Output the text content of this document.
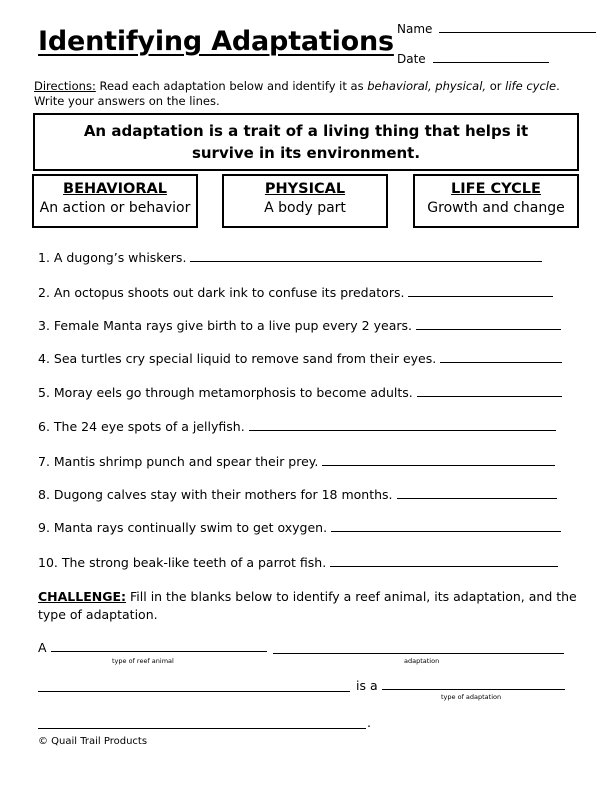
Identifying Adaptations Name
Date
Directions: Read each adaptation below and identify it as behavioral, physical, or life cycle. Write your answers on the lines.
An adaptation is a trait of a living thing that helps it survive in its environment.
BEHAVIORAL
An action or behavior
PHYSICAL
A body part
LIFE CYCLE
Growth and change
1. A dugong’s whiskers.
2. An octopus shoots out dark ink to confuse its predators.
3. Female Manta rays give birth to a live pup every 2 years.
4. Sea turtles cry special liquid to remove sand from their eyes.
5. Moray eels go through metamorphosis to become adults.
6. The 24 eye spots of a jellyfish.
7. Mantis shrimp punch and spear their prey.
8. Dugong calves stay with their mothers for 18 months.
9. Manta rays continually swim to get oxygen.
10. The strong beak-like teeth of a parrot fish.
CHALLENGE: Fill in the blanks below to identify a reef animal, its adaptation, and the type of adaptation.
A
type of reef animal	adaptation
is a
type of adaptation
.
© Quail Trail Products
